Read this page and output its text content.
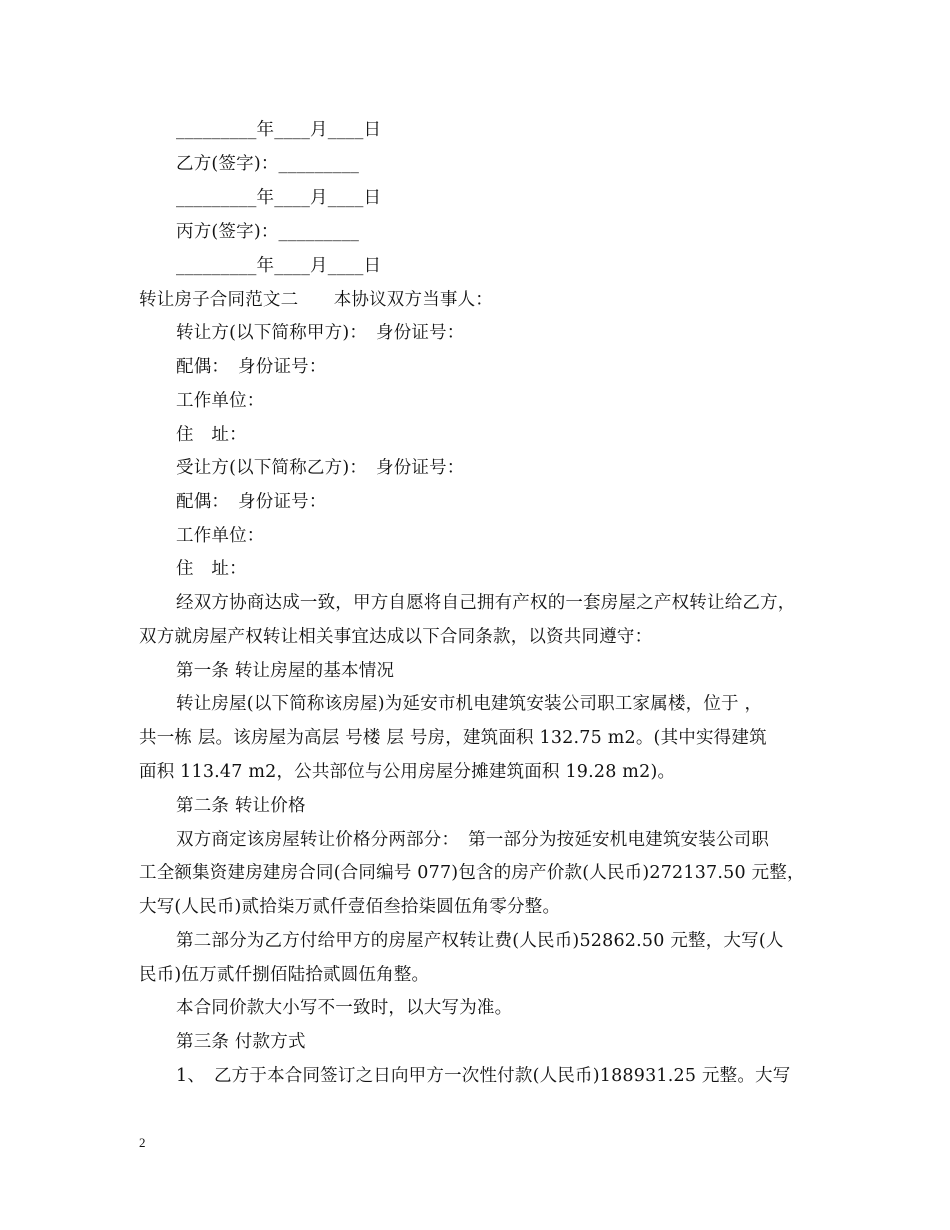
_________年____月____日
乙方(签字)：_________
_________年____月____日
丙方(签字)：_________
_________年____月____日
转让房子合同范文二　　本协议双方当事人：
转让方(以下简称甲方)：　身份证号：
配偶：　身份证号：
工作单位：
住　址：
受让方(以下简称乙方)：　身份证号：
配偶：　身份证号：
工作单位：
住　址：
经双方协商达成一致，甲方自愿将自己拥有产权的一套房屋之产权转让给乙方，
双方就房屋产权转让相关事宜达成以下合同条款，以资共同遵守：
第一条 转让房屋的基本情况
转让房屋(以下简称该房屋)为延安市机电建筑安装公司职工家属楼，位于 ，
共一栋 层。该房屋为高层 号楼 层 号房，建筑面积 132.75 m2。(其中实得建筑
面积 113.47 m2，公共部位与公用房屋分摊建筑面积 19.28 m2)。
第二条 转让价格
双方商定该房屋转让价格分两部分：　第一部分为按延安机电建筑安装公司职
工全额集资建房建房合同(合同编号 077)包含的房产价款(人民币)272137.50 元整，
大写(人民币)贰拾柒万贰仟壹佰叁拾柒圆伍角零分整。
第二部分为乙方付给甲方的房屋产权转让费(人民币)52862.50 元整，大写(人
民币)伍万贰仟捌佰陆拾贰圆伍角整。
本合同价款大小写不一致时，以大写为准。
第三条 付款方式
1、　乙方于本合同签订之日向甲方一次性付款(人民币)188931.25 元整。大写
2
